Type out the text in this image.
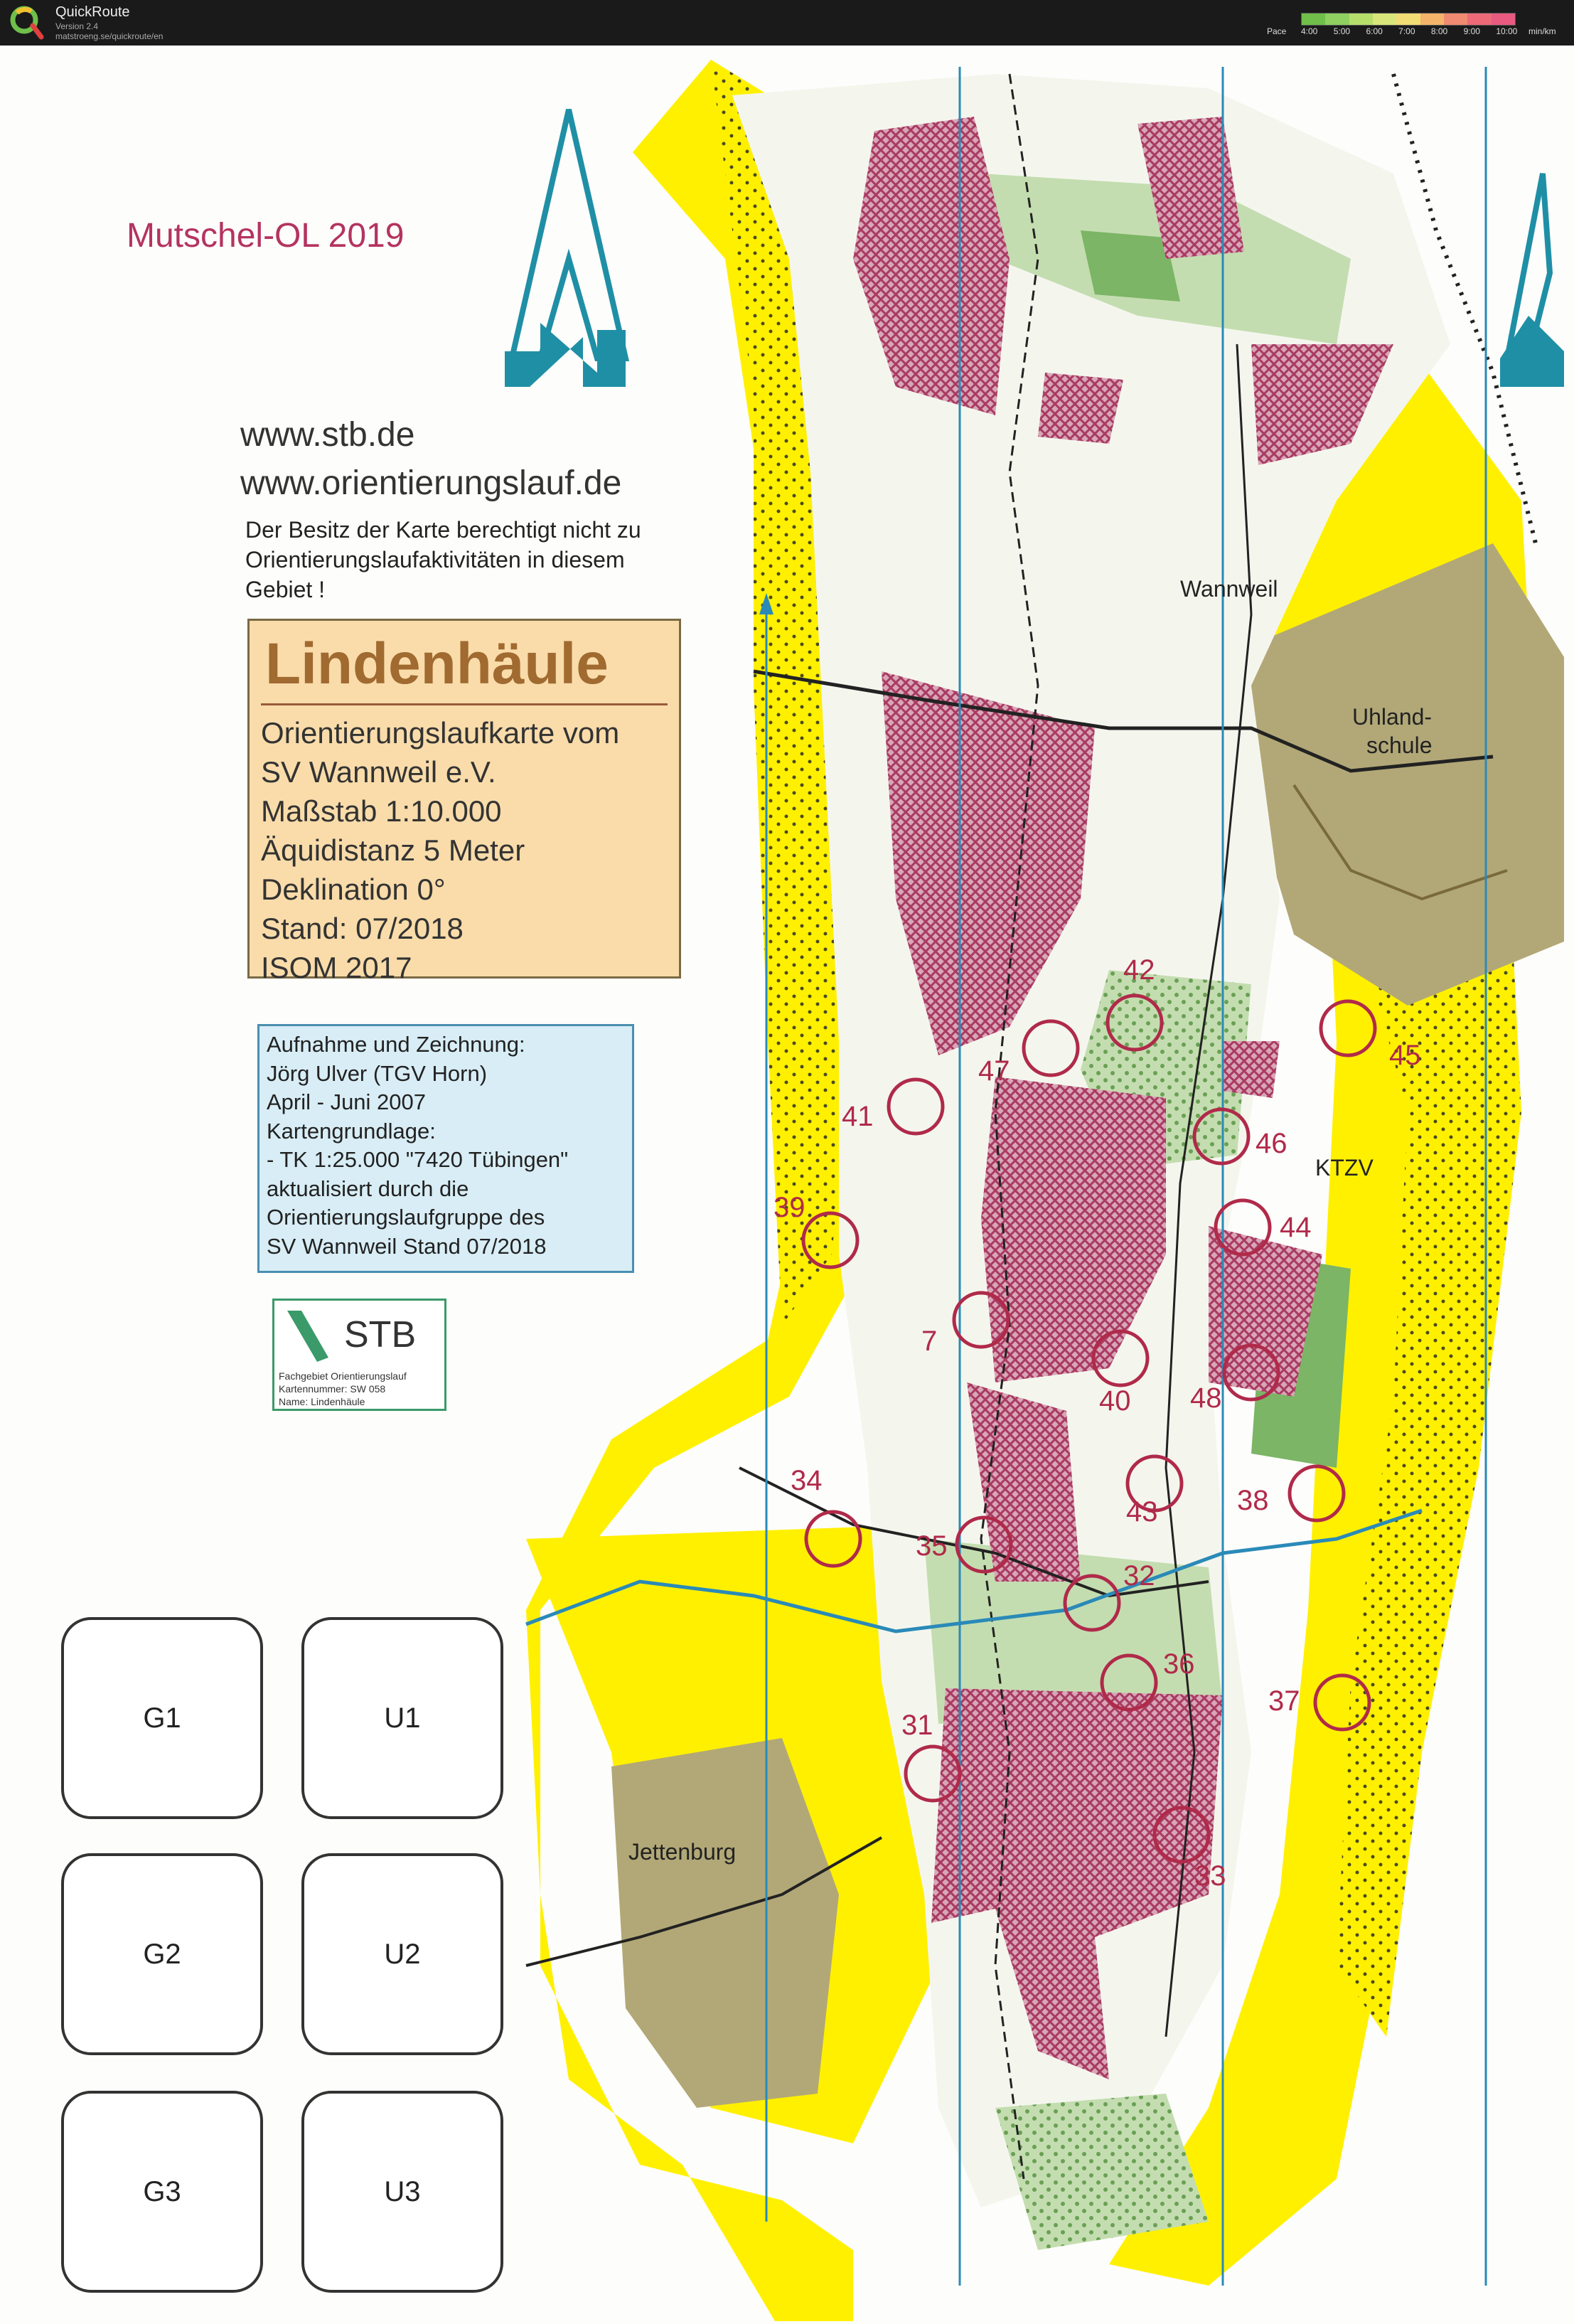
QuickRoute
Version 2.4
matstroeng.se/quickroute/en	Pace 4:00	5:00	6:00	7:00	8:00	9:00	10:00	min/km
Mutschel-OL 2019
www.stb.de
www.orientierungslauf.de
Der Besitz der Karte berechtigt nicht zu Orientierungslaufaktivitäten in diesem Gebiet !
Lindenhäule
Orientierungslaufkarte vom
SV Wannweil e.V.
Maßstab 1:10.000
Äquidistanz 5 Meter
Deklination 0°
Stand: 07/2018
ISOM 2017
Aufnahme und Zeichnung:
Jörg Ulver (TGV Horn)
April - Juni 2007
Kartengrundlage:
- TK 1:25.000 "7420 Tübingen"
aktualisiert durch die
Orientierungslaufgruppe des
SV Wannweil Stand 07/2018
STB
Fachgebiet Orientierungslauf
Kartennummer: SW 058
Name: Lindenhäule
G1	U1
G2	U2
G3	U3
Wannweil
Uhland-
schule
KTZV
Jettenburg
31
32
33
34
35
36
37
38
39
40
41
42
43
44
45
46
47
48
7
